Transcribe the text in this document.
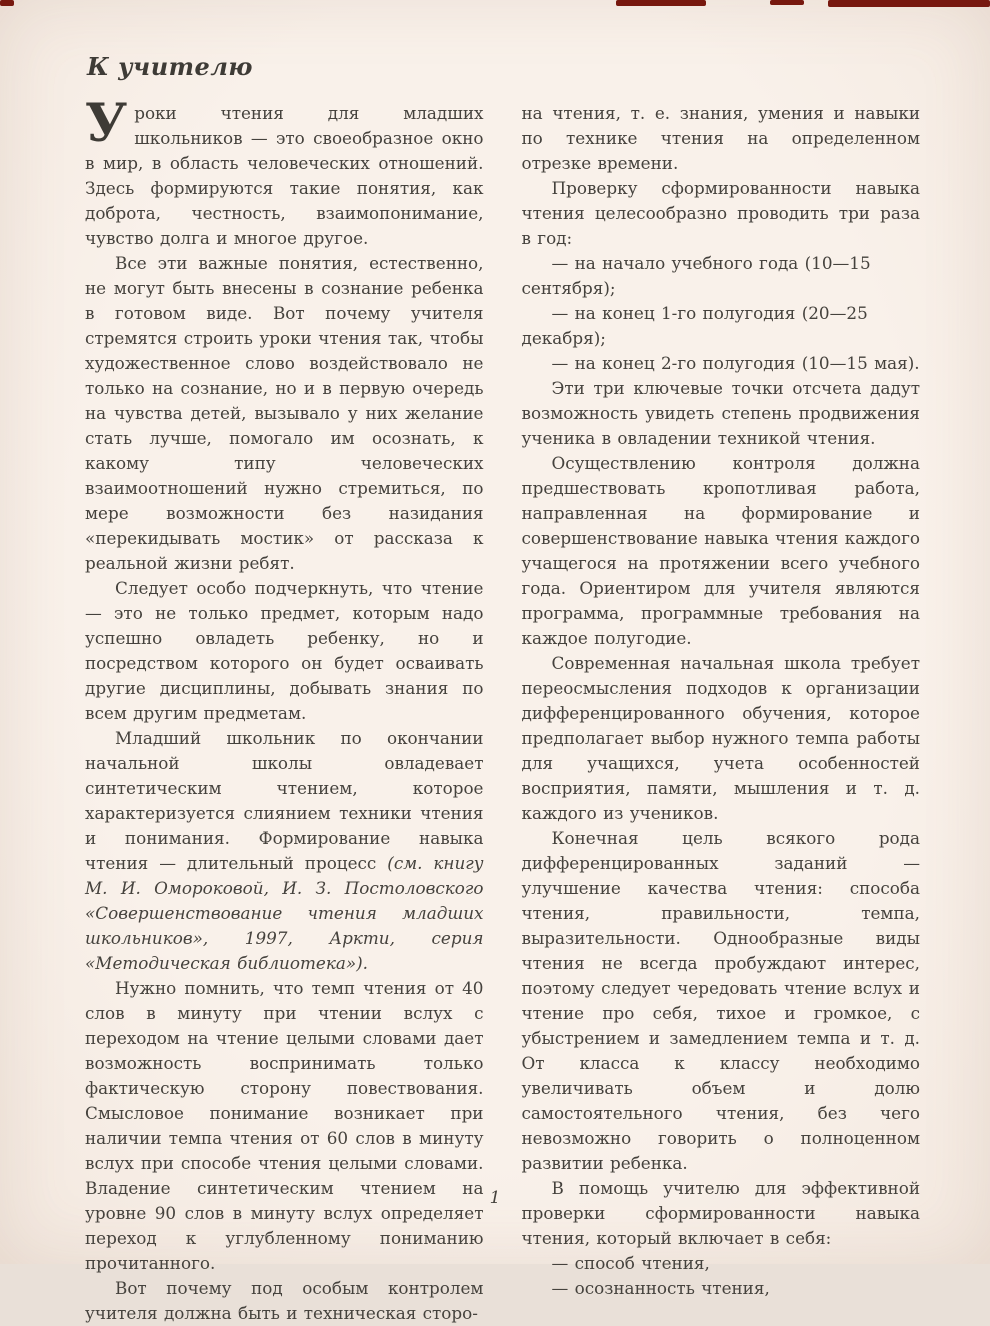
К учителю

Уроки чтения для младших школьников — это своеобразное окно в мир, в область человеческих отношений. Здесь формируются такие понятия, как доброта, честность, взаимопонимание, чувство долга и многое другое.

Все эти важные понятия, естественно, не могут быть внесены в сознание ребенка в готовом виде. Вот почему учителя стремятся строить уроки чтения так, чтобы художественное слово воздействовало не только на сознание, но и в первую очередь на чувства детей, вызывало у них желание стать лучше, помогало им осознать, к какому типу человеческих взаимоотношений нужно стремиться, по мере возможности без назидания «перекидывать мостик» от рассказа к реальной жизни ребят.

Следует особо подчеркнуть, что чтение — это не только предмет, которым надо успешно овладеть ребенку, но и посредством которого он будет осваивать другие дисциплины, добывать знания по всем другим предметам.

Младший школьник по окончании начальной школы овладевает синтетическим чтением, которое характеризуется слиянием техники чтения и понимания. Формирование навыка чтения — длительный процесс (см. книгу М. И. Омороковой, И. З. Постоловского «Совершенствование чтения младших школьников», 1997, Аркти, серия «Методическая библиотека»).

Нужно помнить, что темп чтения от 40 слов в минуту при чтении вслух с переходом на чтение целыми словами дает возможность воспринимать только фактическую сторону повествования. Смысловое понимание возникает при наличии темпа чтения от 60 слов в минуту вслух при способе чтения целыми словами. Владение синтетическим чтением на уровне 90 слов в минуту вслух определяет переход к углубленному пониманию прочитанного.

Вот почему под особым контролем учителя должна быть и техническая сторо-

на чтения, т. е. знания, умения и навыки по технике чтения на определенном отрезке времени.

Проверку сформированности навыка чтения целесообразно проводить три раза в год:

— на начало учебного года (10—15 сентября);

— на конец 1-го полугодия (20—25 декабря);

— на конец 2-го полугодия (10—15 мая).

Эти три ключевые точки отсчета дадут возможность увидеть степень продвижения ученика в овладении техникой чтения.

Осуществлению контроля должна предшествовать кропотливая работа, направленная на формирование и совершенствование навыка чтения каждого учащегося на протяжении всего учебного года. Ориентиром для учителя являются программа, программные требования на каждое полугодие.

Современная начальная школа требует переосмысления подходов к организации дифференцированного обучения, которое предполагает выбор нужного темпа работы для учащихся, учета особенностей восприятия, памяти, мышления и т. д. каждого из учеников.

Конечная цель всякого рода дифференцированных заданий — улучшение качества чтения: способа чтения, правильности, темпа, выразительности. Однообразные виды чтения не всегда пробуждают интерес, поэтому следует чередовать чтение вслух и чтение про себя, тихое и громкое, с убыстрением и замедлением темпа и т. д. От класса к классу необходимо увеличивать объем и долю самостоятельного чтения, без чего невозможно говорить о полноценном развитии ребенка.

В помощь учителю для эффективной проверки сформированности навыка чтения, который включает в себя:

— способ чтения,

— осознанность чтения,

1
